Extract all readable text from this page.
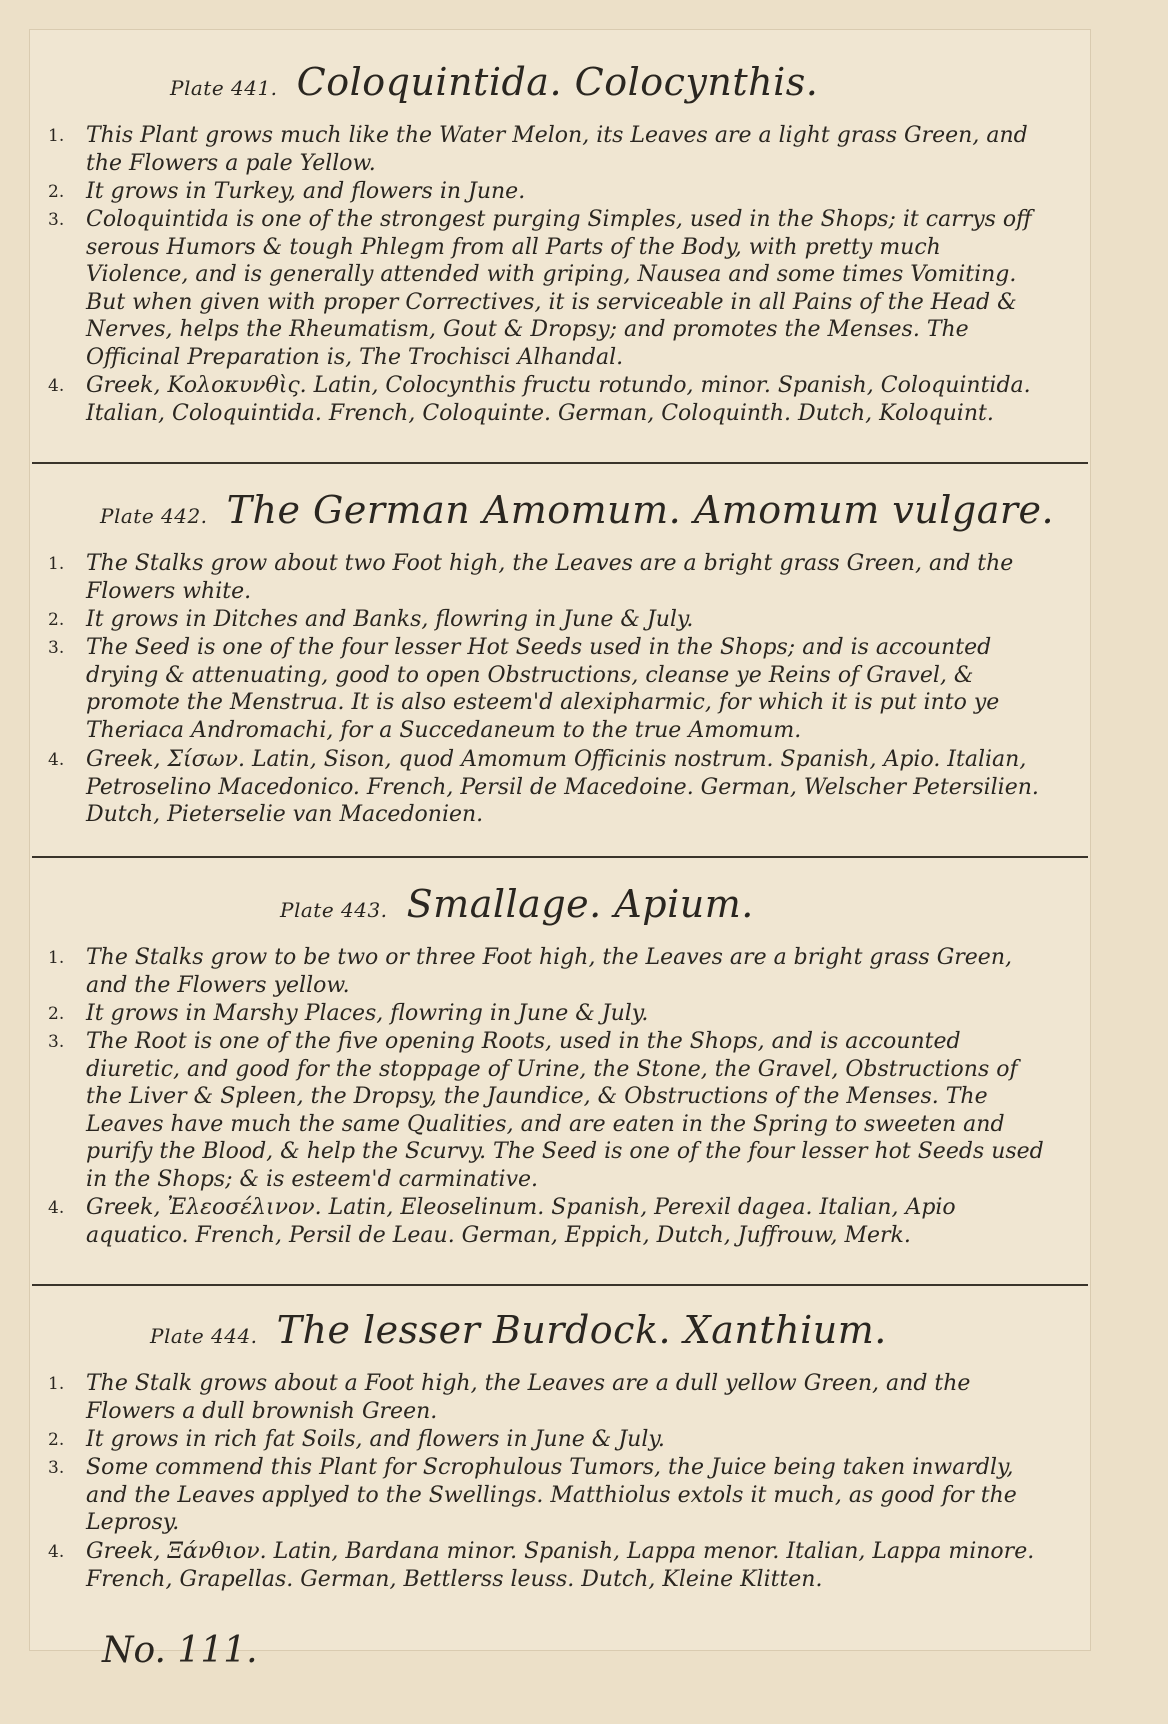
Plate 441. Coloquintida. Colocynthis.
1. This Plant grows much like the Water Melon, its Leaves are a light grass Green, and the Flowers a pale Yellow.
2. It grows in Turkey, and flowers in June.
3. Coloquintida is one of the strongest purging Simples, used in the Shops; it carrys off serous Humors & tough Phlegm from all Parts of the Body, with pretty much Violence, and is generally attended with griping, Nausea and some times Vomiting. But when given with proper Correctives, it is serviceable in all Pains of the Head & Nerves, helps the Rheumatism, Gout & Dropsy; and promotes the Menses. The Officinal Preparation is, The Trochisci Alhandal.
4. Greek, Κολοκυνθὶς. Latin, Colocynthis fructu rotundo, minor. Spanish, Coloquintida. Italian, Coloquintida. French, Coloquinte. German, Coloquinth. Dutch, Koloquint.
Plate 442. The German Amomum. Amomum vulgare.
1. The Stalks grow about two Foot high, the Leaves are a bright grass Green, and the Flowers white.
2. It grows in Ditches and Banks, flowring in June & July.
3. The Seed is one of the four lesser Hot Seeds used in the Shops; and is accounted drying & attenuating, good to open Obstructions, cleanse ye Reins of Gravel, & promote the Menstrua. It is also esteem'd alexipharmic, for which it is put into ye Theriaca Andromachi, for a Succedaneum to the true Amomum.
4. Greek, Σίσων. Latin, Sison, quod Amomum Officinis nostrum. Spanish, Apio. Italian, Petroselino Macedonico. French, Persil de Macedoine. German, Welscher Petersilien. Dutch, Pieterselie van Macedonien.
Plate 443. Smallage. Apium.
1. The Stalks grow to be two or three Foot high, the Leaves are a bright grass Green, and the Flowers yellow.
2. It grows in Marshy Places, flowring in June & July.
3. The Root is one of the five opening Roots, used in the Shops, and is accounted diuretic, and good for the stoppage of Urine, the Stone, the Gravel, Obstructions of the Liver & Spleen, the Dropsy, the Jaundice, & Obstructions of the Menses. The Leaves have much the same Qualities, and are eaten in the Spring to sweeten and purify the Blood, & help the Scurvy. The Seed is one of the four lesser hot Seeds used in the Shops; & is esteem'd carminative.
4. Greek, Ἐλεοσέλινον. Latin, Eleoselinum. Spanish, Perexil dagea. Italian, Apio aquatico. French, Persil de Leau. German, Eppich, Dutch, Juffrouw, Merk.
Plate 444. The lesser Burdock. Xanthium.
1. The Stalk grows about a Foot high, the Leaves are a dull yellow Green, and the Flowers a dull brownish Green.
2. It grows in rich fat Soils, and flowers in June & July.
3. Some commend this Plant for Scrophulous Tumors, the Juice being taken inwardly, and the Leaves applyed to the Swellings. Matthiolus extols it much, as good for the Leprosy.
4. Greek, Ξάνθιον. Latin, Bardana minor. Spanish, Lappa menor. Italian, Lappa minore. French, Grapellas. German, Bettlerss leuss. Dutch, Kleine Klitten.
No. 111.
